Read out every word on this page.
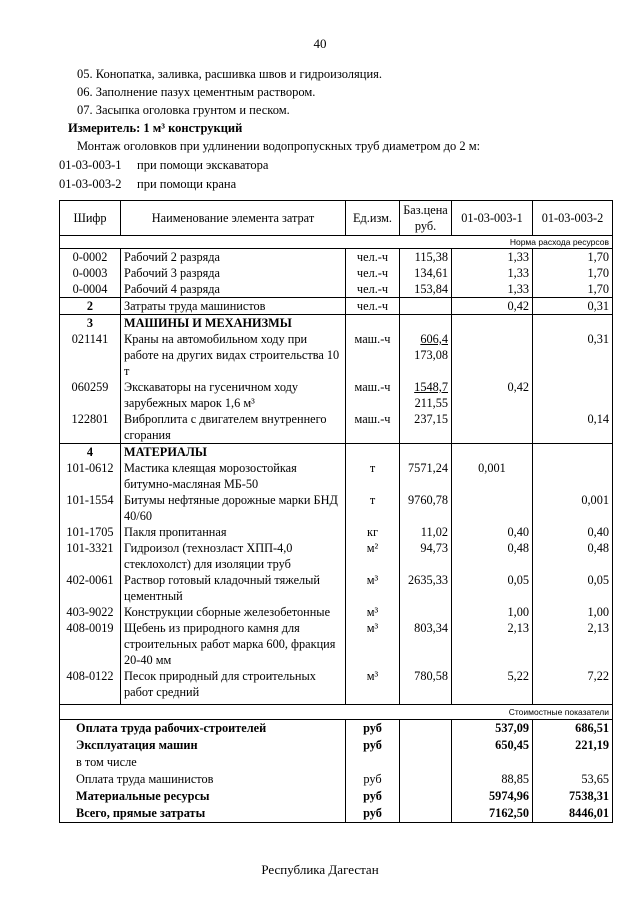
40
05. Конопатка, заливка, расшивка швов и гидроизоляция.
06. Заполнение пазух цементным раствором.
07. Засыпка оголовка грунтом и песком.
Измеритель: 1 м³ конструкций
Монтаж оголовков при удлинении водопропускных труб диаметром до 2 м:
01-03-003-1 при помощи экскаватора
01-03-003-2 при помощи крана
Шифр	Наименование элемента затрат	Ед.изм.	Баз.цена руб.	01-03-003-1	01-03-003-2
Норма расхода ресурсов					
0-0002	Рабочий 2 разряда	чел.-ч	115,38	1,33	1,70
0-0003	Рабочий 3 разряда	чел.-ч	134,61	1,33	1,70
0-0004	Рабочий 4 разряда	чел.-ч	153,84	1,33	1,70
2	Затраты труда машинистов	чел.-ч		0,42	0,31
3	МАШИНЫ И МЕХАНИЗМЫ				
021141	Краны на автомобильном ходу при работе на других видах строительства 10 т	маш.-ч	606,4
173,08		0,31
060259	Экскаваторы на гусеничном ходу зарубежных марок 1,6 м³	маш.-ч	1548,7
211,55	0,42	
122801	Виброплита с двигателем внутреннего сгорания	маш.-ч	237,15		0,14
4	МАТЕРИАЛЫ				
101-0612	Мастика клеящая морозостойкая битумно-масляная МБ-50	т	7571,24	0,001	
101-1554	Битумы нефтяные дорожные марки БНД 40/60	т	9760,78		0,001
101-1705	Пакля пропитанная	кг	11,02	0,40	0,40
101-3321	Гидроизол (технозласт ХПП-4,0 стеклохолст) для изоляции труб	м²	94,73	0,48	0,48
402-0061	Раствор готовый кладочный тяжелый цементный	м³	2635,33	0,05	0,05
403-9022	Конструкции сборные железобетонные	м³		1,00	1,00
408-0019	Щебень из природного камня для строительных работ марка 600, фракция 20-40 мм	м³	803,34	2,13	2,13
408-0122	Песок природный для строительных работ средний	м³	780,58	5,22	7,22

Стоимостные показатели					
Оплата труда рабочих-строителей		руб		537,09	686,51
Эксплуатация машин		руб		650,45	221,19
в том числе					
Оплата труда машинистов		руб		88,85	53,65
Материальные ресурсы		руб		5974,96	7538,31
Всего, прямые затраты		руб		7162,50	8446,01
Республика Дагестан
